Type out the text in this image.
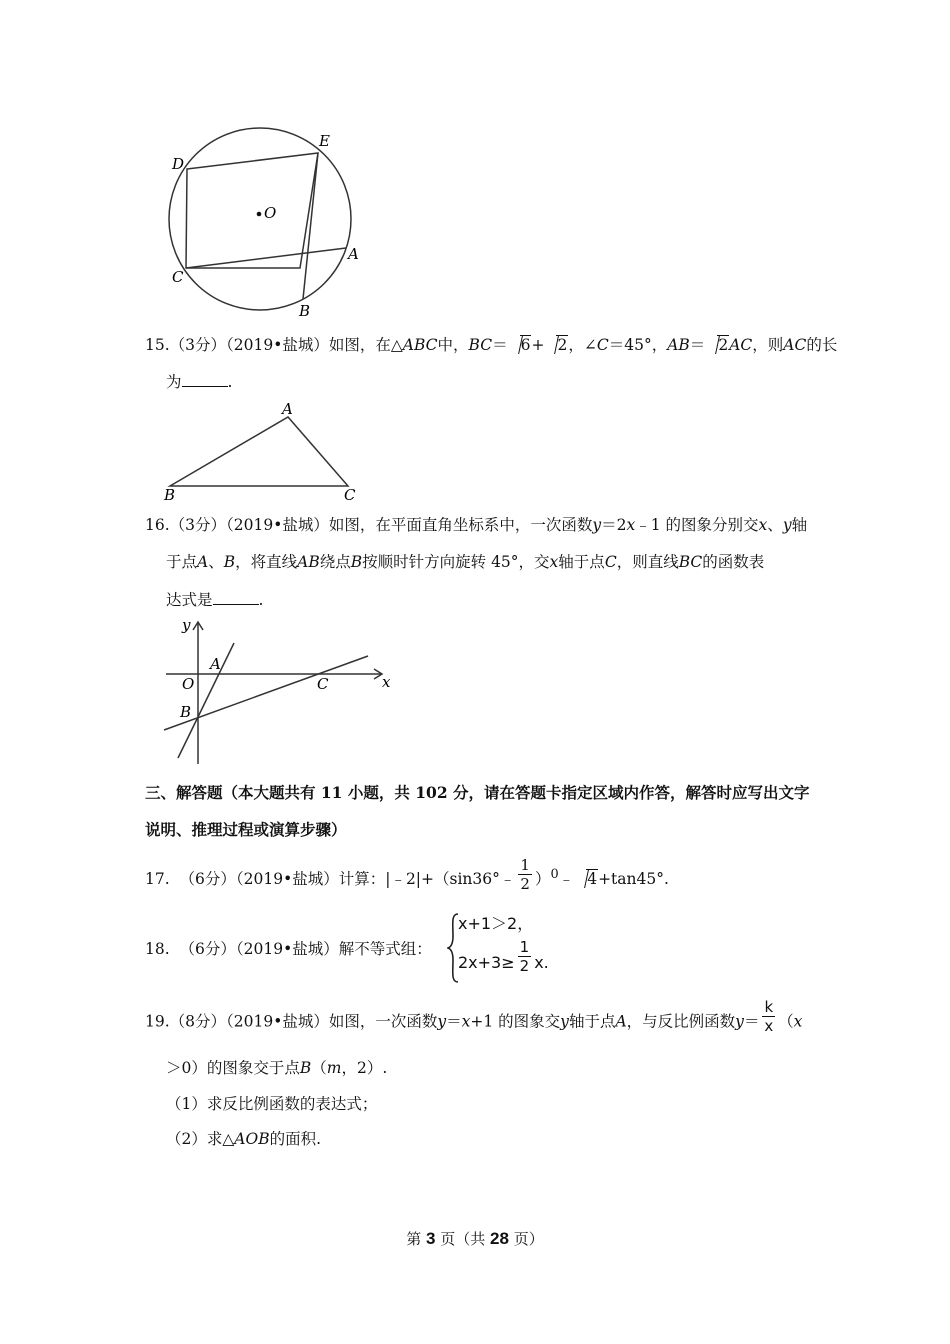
D
E
O
A
C
B
15.（3分）（2019•盐城）如图，在△ABC中，BC＝ 6+ 2，∠C＝45°，AB＝ 2AC，则AC的长
为	.
A
B	C
16.（3分）（2019•盐城）如图，在平面直角坐标系中，一次函数y＝2x﹣1 的图象分别交x、y轴
于点A、B，将直线AB绕点B按顺时针方向旋转 45°，交x轴于点C，则直线BC的函数表
达式是	.
y
x
O
A
B
C
三、解答题（本大题共有 11 小题，共 102 分，请在答题卡指定区域内作答，解答时应写出文字
说明、推理过程或演算步骤）
17. （6分）（2019•盐城）计算：|﹣2|+（sin36°﹣ $\frac{1}{2}$ ）$^0$﹣ 4+tan45°.
18. （6分）（2019•盐城）解不等式组：
x+1＞2，
$2x+3\ge \frac{1}{2} x$.
19.（8分）（2019•盐城）如图，一次函数y＝x+1 的图象交y轴于点A，与反比例函数$y= \frac{k}{x} (x$
＞0）的图象交于点B（m，2）.
（1）求反比例函数的表达式；
（2）求△AOB的面积.
第 3 页（共 28 页）
